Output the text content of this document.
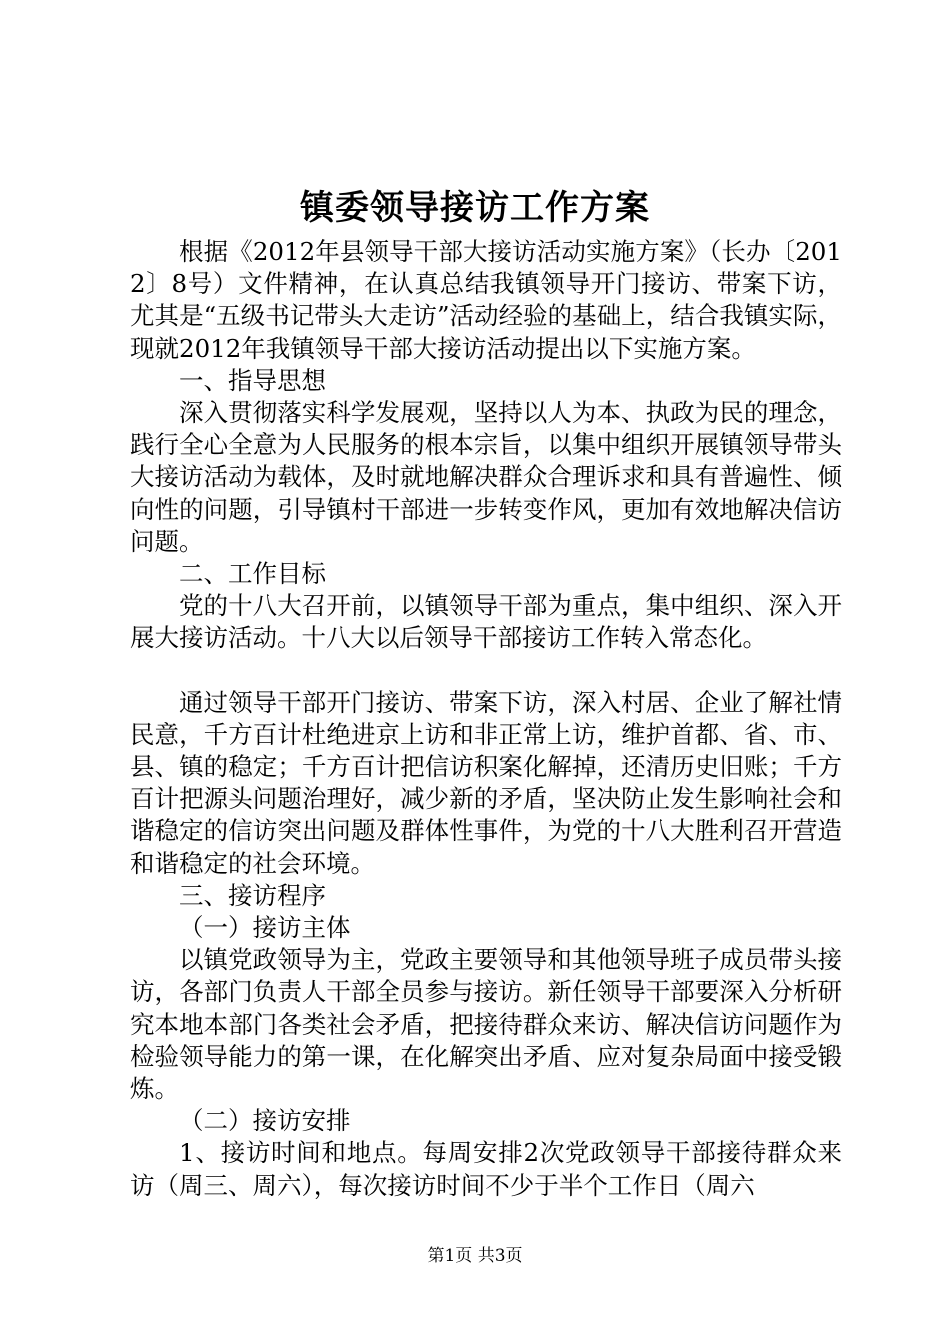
镇委领导接访工作方案

根据《2012年县领导干部大接访活动实施方案》（长办〔2012〕8号）文件精神，在认真总结我镇领导开门接访、带案下访，尤其是“五级书记带头大走访”活动经验的基础上，结合我镇实际，现就2012年我镇领导干部大接访活动提出以下实施方案。

一、指导思想

深入贯彻落实科学发展观，坚持以人为本、执政为民的理念，践行全心全意为人民服务的根本宗旨，以集中组织开展镇领导带头大接访活动为载体，及时就地解决群众合理诉求和具有普遍性、倾向性的问题，引导镇村干部进一步转变作风，更加有效地解决信访问题。

二、工作目标

党的十八大召开前，以镇领导干部为重点，集中组织、深入开展大接访活动。十八大以后领导干部接访工作转入常态化。

通过领导干部开门接访、带案下访，深入村居、企业了解社情民意，千方百计杜绝进京上访和非正常上访，维护首都、省、市、县、镇的稳定；千方百计把信访积案化解掉，还清历史旧账；千方百计把源头问题治理好，减少新的矛盾，坚决防止发生影响社会和谐稳定的信访突出问题及群体性事件，为党的十八大胜利召开营造和谐稳定的社会环境。

三、接访程序

（一）接访主体

以镇党政领导为主，党政主要领导和其他领导班子成员带头接访，各部门负责人干部全员参与接访。新任领导干部要深入分析研究本地本部门各类社会矛盾，把接待群众来访、解决信访问题作为检验领导能力的第一课，在化解突出矛盾、应对复杂局面中接受锻炼。

（二）接访安排

1、接访时间和地点。每周安排2次党政领导干部接待群众来访（周三、周六），每次接访时间不少于半个工作日（周六

第1页 共3页
